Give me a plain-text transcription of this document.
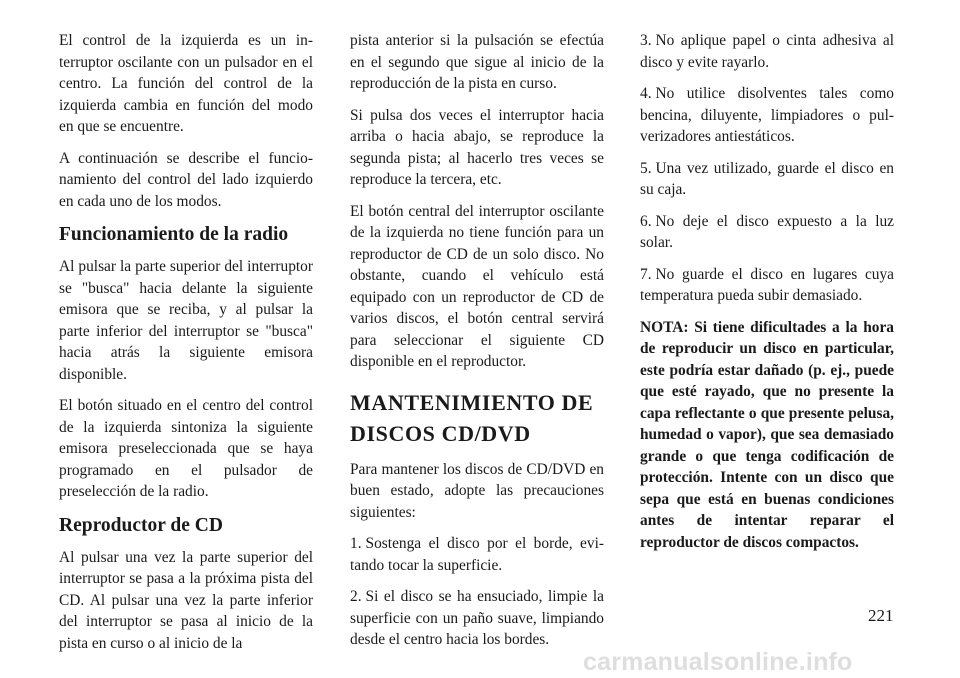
El control de la izquierda es un interruptor oscilante con un pulsador en el centro. La función del control de la izquierda cambia en función del modo en que se encuentre.

A continuación se describe el funcionamiento del control del lado izquierdo en cada uno de los modos.

Funcionamiento de la radio

Al pulsar la parte superior del interruptor se "busca" hacia delante la siguiente emisora que se reciba, y al pulsar la parte inferior del interruptor se "busca" hacia atrás la siguiente emisora disponible.

El botón situado en el centro del control de la izquierda sintoniza la siguiente emisora preseleccionada que se haya programado en el pulsador de preselección de la radio.

Reproductor de CD

Al pulsar una vez la parte superior del interruptor se pasa a la próxima pista del CD. Al pulsar una vez la parte inferior del interruptor se pasa al inicio de la pista en curso o al inicio de la

pista anterior si la pulsación se efectúa en el segundo que sigue al inicio de la reproducción de la pista en curso.

Si pulsa dos veces el interruptor hacia arriba o hacia abajo, se reproduce la segunda pista; al hacerlo tres veces se reproduce la tercera, etc.

El botón central del interruptor oscilante de la izquierda no tiene función para un reproductor de CD de un solo disco. No obstante, cuando el vehículo está equipado con un reproductor de CD de varios discos, el botón central servirá para seleccionar el siguiente CD disponible en el reproductor.

MANTENIMIENTO DE DISCOS CD/DVD

Para mantener los discos de CD/DVD en buen estado, adopte las precauciones siguientes:

1. Sostenga el disco por el borde, evitando tocar la superficie.

2. Si el disco se ha ensuciado, limpie la superficie con un paño suave, limpiando desde el centro hacia los bordes.

3. No aplique papel o cinta adhesiva al disco y evite rayarlo.

4. No utilice disolventes tales como bencina, diluyente, limpiadores o pulverizadores antiestáticos.

5. Una vez utilizado, guarde el disco en su caja.

6. No deje el disco expuesto a la luz solar.

7. No guarde el disco en lugares cuya temperatura pueda subir demasiado.

NOTA: Si tiene dificultades a la hora de reproducir un disco en particular, este podría estar dañado (p. ej., puede que esté rayado, que no presente la capa reflectante o que presente pelusa, humedad o vapor), que sea demasiado grande o que tenga codificación de protección. Intente con un disco que sepa que está en buenas condiciones antes de intentar reparar el reproductor de discos compactos.

221
carmanualsonline.info
